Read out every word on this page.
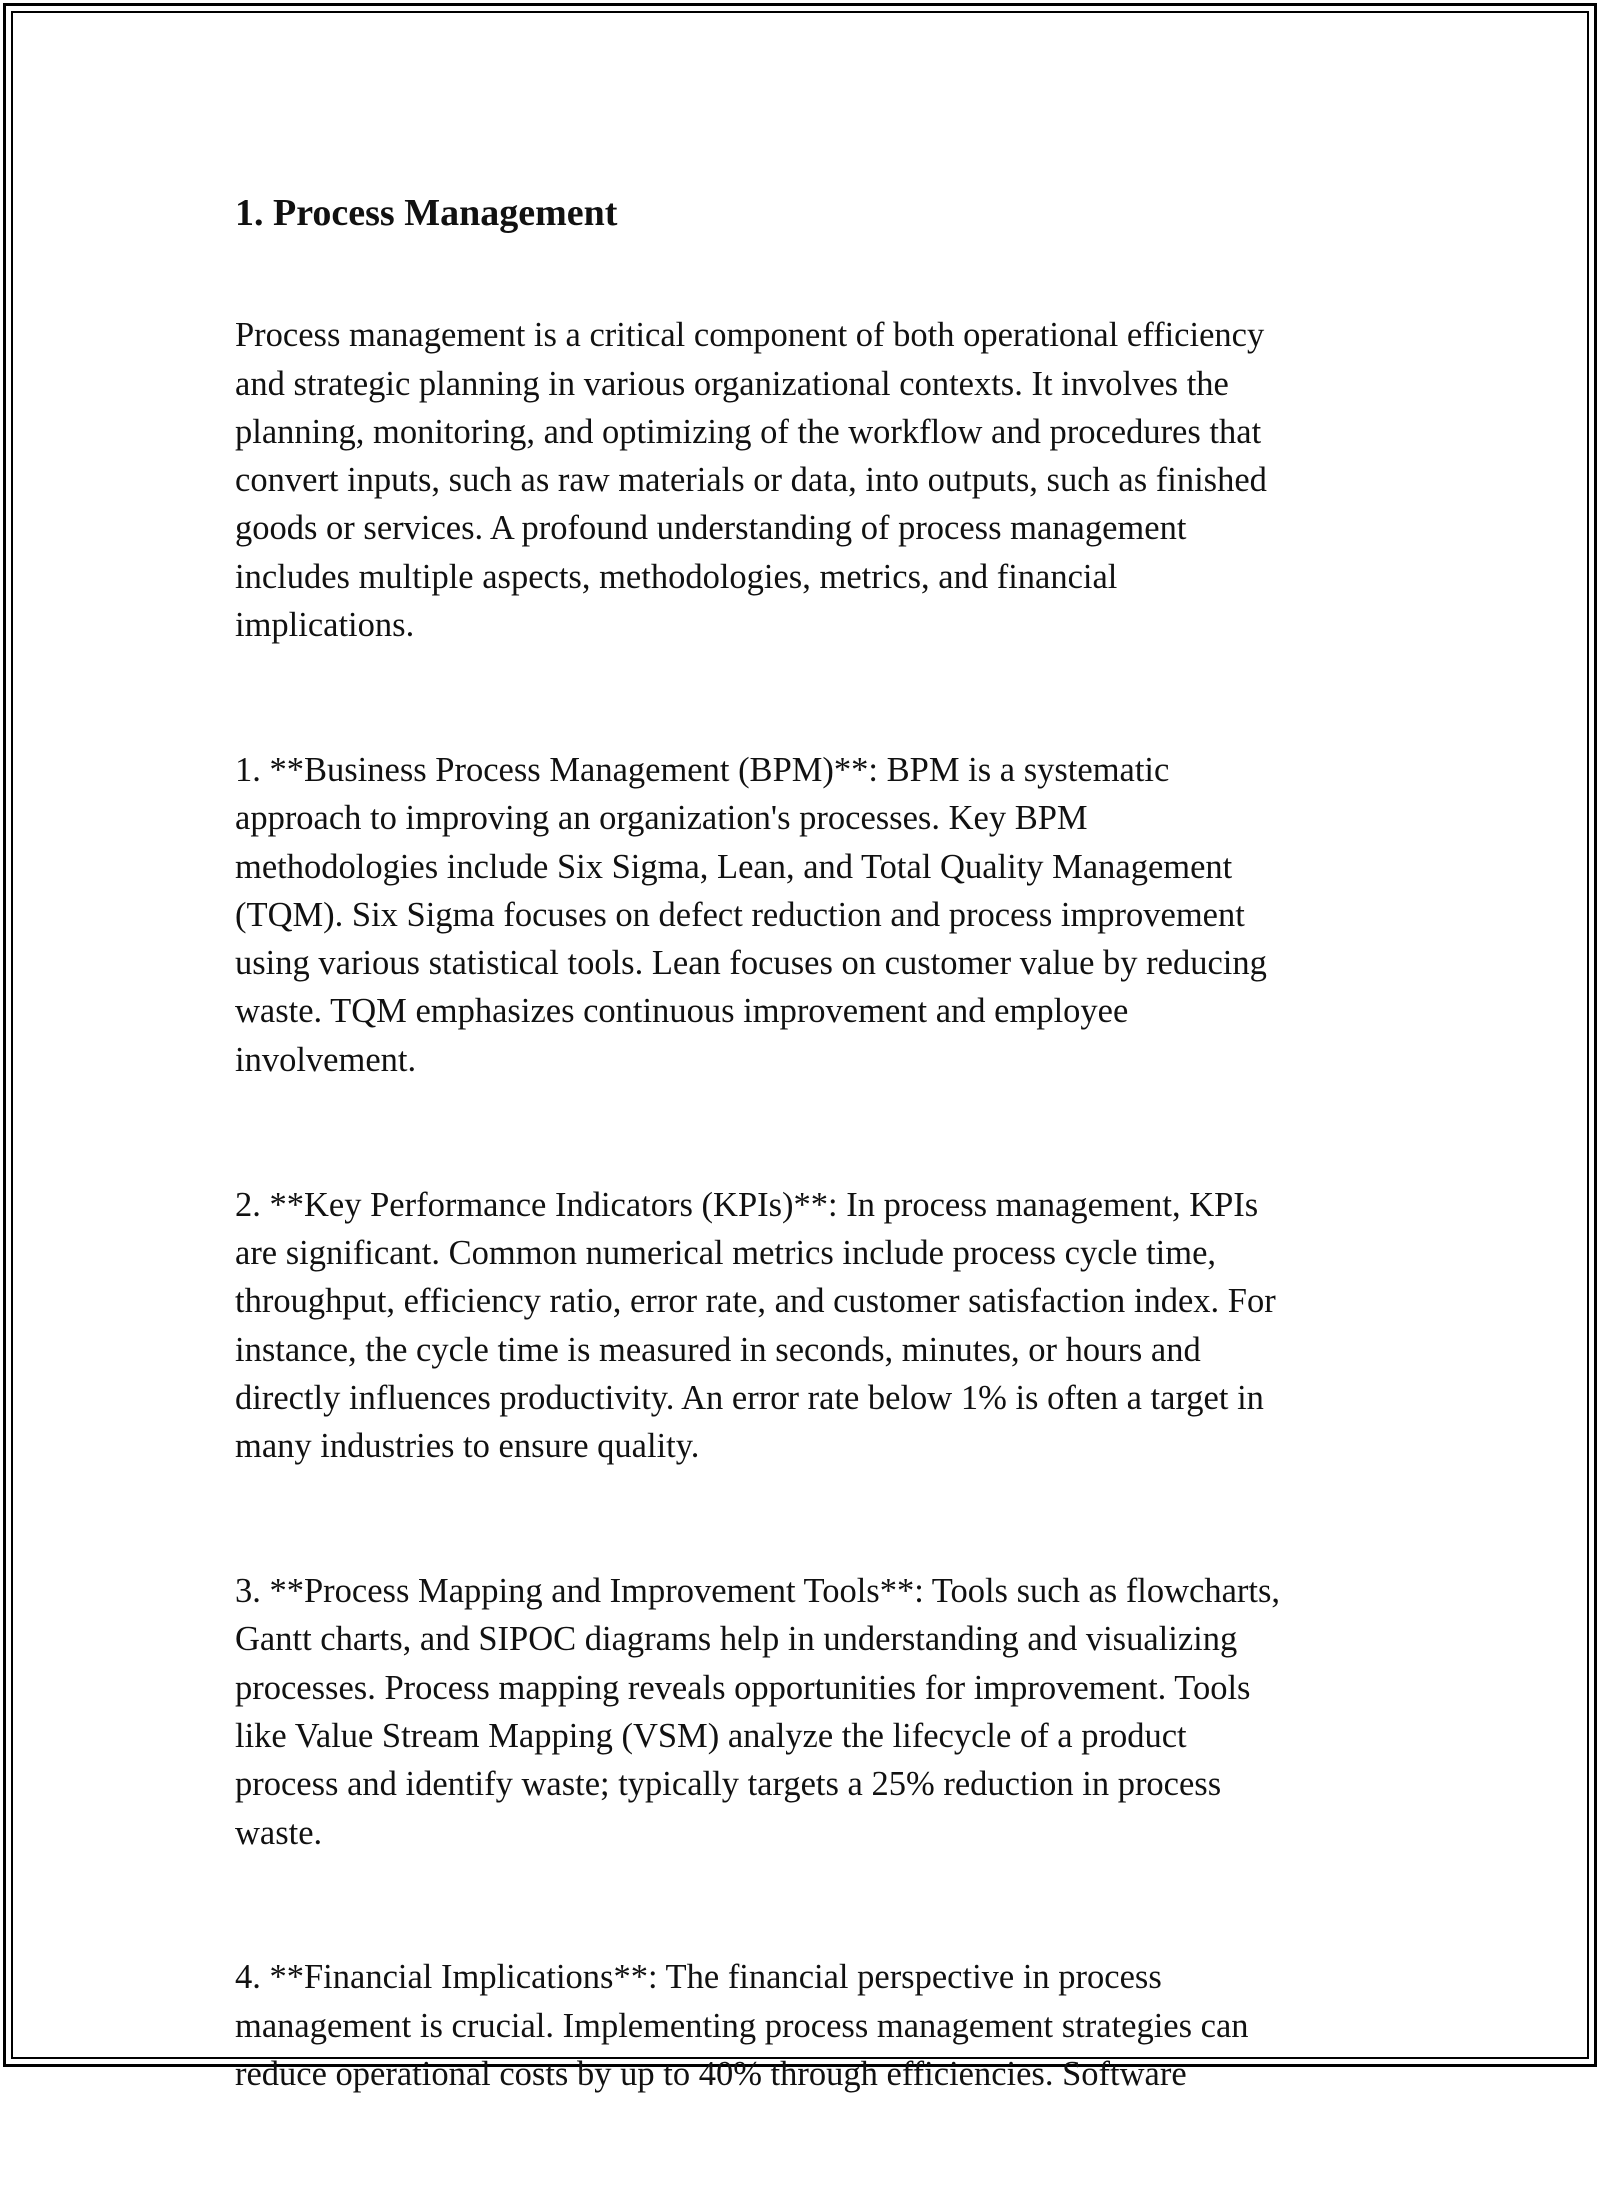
1. Process Management

Process management is a critical component of both operational efficiency
and strategic planning in various organizational contexts. It involves the
planning, monitoring, and optimizing of the workflow and procedures that
convert inputs, such as raw materials or data, into outputs, such as finished
goods or services. A profound understanding of process management
includes multiple aspects, methodologies, metrics, and financial
implications.

1. **Business Process Management (BPM)**: BPM is a systematic
approach to improving an organization's processes. Key BPM
methodologies include Six Sigma, Lean, and Total Quality Management
(TQM). Six Sigma focuses on defect reduction and process improvement
using various statistical tools. Lean focuses on customer value by reducing
waste. TQM emphasizes continuous improvement and employee
involvement.

2. **Key Performance Indicators (KPIs)**: In process management, KPIs
are significant. Common numerical metrics include process cycle time,
throughput, efficiency ratio, error rate, and customer satisfaction index. For
instance, the cycle time is measured in seconds, minutes, or hours and
directly influences productivity. An error rate below 1% is often a target in
many industries to ensure quality.

3. **Process Mapping and Improvement Tools**: Tools such as flowcharts,
Gantt charts, and SIPOC diagrams help in understanding and visualizing
processes. Process mapping reveals opportunities for improvement. Tools
like Value Stream Mapping (VSM) analyze the lifecycle of a product
process and identify waste; typically targets a 25% reduction in process
waste.

4. **Financial Implications**: The financial perspective in process
management is crucial. Implementing process management strategies can
reduce operational costs by up to 40% through efficiencies. Software
